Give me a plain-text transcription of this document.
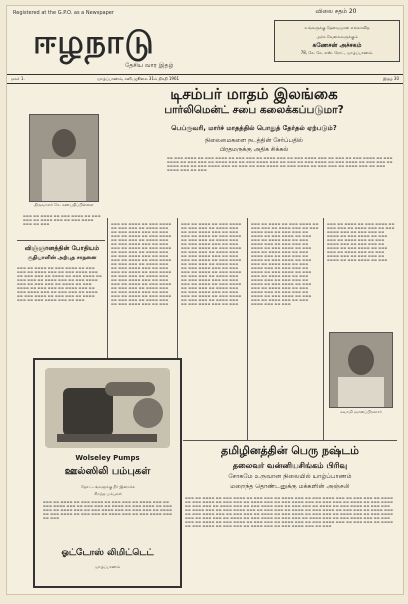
Registered at the G.P.O. as a Newspaper
ஈழநாடு
தேசிய வார இதழ்
விலை சதம் 20
உங்களுக்கு தேவையான எல்லாவித
அச்சு வேலைகளுக்கும்
கணேசன் அச்சகம்
78, கே. கே. எஸ். ரோட், யாழ்ப்பாணம்.
மலர் 1.	யாழ்ப்பாணம், சனி, ஜூலை 31ம் திகதி 1961	இதழ் 30
திருவாளர் கே. கணபதிப்பிள்ளை
▬▬▬ ▬▬ ▬▬▬▬ ▬▬ ▬▬▬ ▬▬▬▬ ▬▬ ▬▬▬ ▬▬▬ ▬▬ ▬▬▬▬ ▬▬▬ ▬▬ ▬▬▬ ▬▬▬▬ ▬▬▬ ▬▬ ▬▬▬
டிசம்பர் மாதம் இலங்கை
பார்லிமென்ட் சபை கலைக்கப்படுமா?
பெப்ருவரி, மார்ச் மாதத்தில் பொதுத் தேர்தல் ஏற்படும்?
நிலைமைகளை நடத்தின் சேர்ப்பதில்
பிரதமருக்கு அதிக சிக்கல்
▬▬ ▬▬▬ ▬▬▬▬ ▬▬ ▬▬▬ ▬▬▬▬ ▬▬ ▬▬▬ ▬▬▬ ▬▬ ▬▬▬▬ ▬▬▬ ▬▬ ▬▬▬ ▬▬▬▬ ▬▬▬ ▬▬ ▬▬▬ ▬▬ ▬▬▬ ▬▬▬▬ ▬▬ ▬▬▬ ▬▬▬▬ ▬▬ ▬▬▬ ▬▬▬ ▬▬ ▬▬▬▬ ▬▬▬ ▬▬ ▬▬▬ ▬▬▬▬ ▬▬▬ ▬▬ ▬▬▬ ▬▬ ▬▬▬ ▬▬▬▬ ▬▬ ▬▬▬ ▬▬▬▬ ▬▬ ▬▬▬ ▬▬▬ ▬▬ ▬▬▬▬ ▬▬▬ ▬▬ ▬▬▬ ▬▬▬▬ ▬▬▬ ▬▬ ▬▬▬ ▬▬ ▬▬▬ ▬▬▬▬ ▬▬ ▬▬▬ ▬▬▬▬ ▬▬ ▬▬▬ ▬▬▬ ▬▬ ▬▬▬▬ ▬▬▬ ▬▬ ▬▬▬ ▬▬▬▬ ▬▬▬ ▬▬ ▬▬▬
விஞ்ஞானத்தின் போதியம்
சூதியாளின் அற்புத சாதனை
▬▬▬ ▬▬ ▬▬▬▬ ▬▬ ▬▬▬ ▬▬▬▬ ▬▬ ▬▬▬ ▬▬▬ ▬▬ ▬▬▬▬ ▬▬▬ ▬▬ ▬▬▬ ▬▬▬▬ ▬▬▬ ▬▬ ▬▬▬ ▬▬▬ ▬▬ ▬▬▬▬ ▬▬ ▬▬▬ ▬▬▬▬ ▬▬ ▬▬▬ ▬▬▬ ▬▬ ▬▬▬▬ ▬▬▬ ▬▬ ▬▬▬ ▬▬▬▬ ▬▬▬ ▬▬ ▬▬▬ ▬▬▬ ▬▬ ▬▬▬▬ ▬▬ ▬▬▬ ▬▬▬▬ ▬▬ ▬▬▬ ▬▬▬ ▬▬ ▬▬▬▬ ▬▬▬ ▬▬ ▬▬▬ ▬▬▬▬ ▬▬▬ ▬▬ ▬▬▬ ▬▬▬ ▬▬ ▬▬▬▬ ▬▬ ▬▬▬ ▬▬▬▬ ▬▬ ▬▬▬ ▬▬▬ ▬▬ ▬▬▬▬ ▬▬▬ ▬▬ ▬▬▬ ▬▬▬▬ ▬▬▬ ▬▬ ▬▬▬
▬▬▬ ▬▬ ▬▬▬▬ ▬▬ ▬▬▬ ▬▬▬▬ ▬▬ ▬▬▬ ▬▬▬ ▬▬ ▬▬▬▬ ▬▬▬ ▬▬ ▬▬▬ ▬▬▬▬ ▬▬▬ ▬▬ ▬▬▬ ▬▬▬ ▬▬ ▬▬▬▬ ▬▬ ▬▬▬ ▬▬▬▬ ▬▬ ▬▬▬ ▬▬▬ ▬▬ ▬▬▬▬ ▬▬▬ ▬▬ ▬▬▬ ▬▬▬▬ ▬▬▬ ▬▬ ▬▬▬ ▬▬▬ ▬▬ ▬▬▬▬ ▬▬ ▬▬▬ ▬▬▬▬ ▬▬ ▬▬▬ ▬▬▬ ▬▬ ▬▬▬▬ ▬▬▬ ▬▬ ▬▬▬ ▬▬▬▬ ▬▬▬ ▬▬ ▬▬▬ ▬▬▬ ▬▬ ▬▬▬▬ ▬▬ ▬▬▬ ▬▬▬▬ ▬▬ ▬▬▬ ▬▬▬ ▬▬ ▬▬▬▬ ▬▬▬ ▬▬ ▬▬▬ ▬▬▬▬ ▬▬▬ ▬▬ ▬▬▬ ▬▬▬ ▬▬ ▬▬▬▬ ▬▬ ▬▬▬ ▬▬▬▬ ▬▬ ▬▬▬ ▬▬▬ ▬▬ ▬▬▬▬ ▬▬▬ ▬▬ ▬▬▬ ▬▬▬▬ ▬▬▬ ▬▬ ▬▬▬ ▬▬▬ ▬▬ ▬▬▬▬ ▬▬ ▬▬▬ ▬▬▬▬ ▬▬ ▬▬▬ ▬▬▬ ▬▬ ▬▬▬▬ ▬▬▬ ▬▬ ▬▬▬ ▬▬▬▬ ▬▬▬ ▬▬ ▬▬▬ ▬▬▬ ▬▬ ▬▬▬▬ ▬▬ ▬▬▬ ▬▬▬▬ ▬▬ ▬▬▬ ▬▬▬ ▬▬ ▬▬▬▬ ▬▬▬ ▬▬ ▬▬▬ ▬▬▬▬ ▬▬▬ ▬▬ ▬▬▬
▬▬▬ ▬▬ ▬▬▬▬ ▬▬ ▬▬▬ ▬▬▬▬ ▬▬ ▬▬▬ ▬▬▬ ▬▬ ▬▬▬▬ ▬▬▬ ▬▬ ▬▬▬ ▬▬▬▬ ▬▬▬ ▬▬ ▬▬▬ ▬▬▬ ▬▬ ▬▬▬▬ ▬▬ ▬▬▬ ▬▬▬▬ ▬▬ ▬▬▬ ▬▬▬ ▬▬ ▬▬▬▬ ▬▬▬ ▬▬ ▬▬▬ ▬▬▬▬ ▬▬▬ ▬▬ ▬▬▬ ▬▬▬ ▬▬ ▬▬▬▬ ▬▬ ▬▬▬ ▬▬▬▬ ▬▬ ▬▬▬ ▬▬▬ ▬▬ ▬▬▬▬ ▬▬▬ ▬▬ ▬▬▬ ▬▬▬▬ ▬▬▬ ▬▬ ▬▬▬ ▬▬▬ ▬▬ ▬▬▬▬ ▬▬ ▬▬▬ ▬▬▬▬ ▬▬ ▬▬▬ ▬▬▬ ▬▬ ▬▬▬▬ ▬▬▬ ▬▬ ▬▬▬ ▬▬▬▬ ▬▬▬ ▬▬ ▬▬▬ ▬▬▬ ▬▬ ▬▬▬▬ ▬▬ ▬▬▬ ▬▬▬▬ ▬▬ ▬▬▬ ▬▬▬ ▬▬ ▬▬▬▬ ▬▬▬ ▬▬ ▬▬▬ ▬▬▬▬ ▬▬▬ ▬▬ ▬▬▬ ▬▬▬ ▬▬ ▬▬▬▬ ▬▬ ▬▬▬ ▬▬▬▬ ▬▬ ▬▬▬ ▬▬▬ ▬▬ ▬▬▬▬ ▬▬▬ ▬▬ ▬▬▬ ▬▬▬▬ ▬▬▬ ▬▬ ▬▬▬ ▬▬▬ ▬▬ ▬▬▬▬ ▬▬ ▬▬▬ ▬▬▬▬ ▬▬ ▬▬▬ ▬▬▬ ▬▬ ▬▬▬▬ ▬▬▬ ▬▬ ▬▬▬ ▬▬▬▬ ▬▬▬ ▬▬ ▬▬▬
▬▬▬ ▬▬ ▬▬▬▬ ▬▬ ▬▬▬ ▬▬▬▬ ▬▬ ▬▬▬ ▬▬▬ ▬▬ ▬▬▬▬ ▬▬▬ ▬▬ ▬▬▬ ▬▬▬▬ ▬▬▬ ▬▬ ▬▬▬ ▬▬▬ ▬▬ ▬▬▬▬ ▬▬ ▬▬▬ ▬▬▬▬ ▬▬ ▬▬▬ ▬▬▬ ▬▬ ▬▬▬▬ ▬▬▬ ▬▬ ▬▬▬ ▬▬▬▬ ▬▬▬ ▬▬ ▬▬▬ ▬▬▬ ▬▬ ▬▬▬▬ ▬▬ ▬▬▬ ▬▬▬▬ ▬▬ ▬▬▬ ▬▬▬ ▬▬ ▬▬▬▬ ▬▬▬ ▬▬ ▬▬▬ ▬▬▬▬ ▬▬▬ ▬▬ ▬▬▬ ▬▬▬ ▬▬ ▬▬▬▬ ▬▬ ▬▬▬ ▬▬▬▬ ▬▬ ▬▬▬ ▬▬▬ ▬▬ ▬▬▬▬ ▬▬▬ ▬▬ ▬▬▬ ▬▬▬▬ ▬▬▬ ▬▬ ▬▬▬ ▬▬▬ ▬▬ ▬▬▬▬ ▬▬ ▬▬▬ ▬▬▬▬ ▬▬ ▬▬▬ ▬▬▬ ▬▬ ▬▬▬▬ ▬▬▬ ▬▬ ▬▬▬ ▬▬▬▬ ▬▬▬ ▬▬ ▬▬▬ ▬▬▬ ▬▬ ▬▬▬▬ ▬▬ ▬▬▬ ▬▬▬▬ ▬▬ ▬▬▬ ▬▬▬ ▬▬ ▬▬▬▬ ▬▬▬ ▬▬ ▬▬▬ ▬▬▬▬ ▬▬▬ ▬▬ ▬▬▬ ▬▬▬ ▬▬ ▬▬▬▬ ▬▬ ▬▬▬ ▬▬▬▬ ▬▬ ▬▬▬ ▬▬▬ ▬▬ ▬▬▬▬ ▬▬▬ ▬▬ ▬▬▬ ▬▬▬▬ ▬▬▬ ▬▬ ▬▬▬
▬▬▬ ▬▬ ▬▬▬▬ ▬▬ ▬▬▬ ▬▬▬▬ ▬▬ ▬▬▬ ▬▬▬ ▬▬ ▬▬▬▬ ▬▬▬ ▬▬ ▬▬▬ ▬▬▬▬ ▬▬▬ ▬▬ ▬▬▬ ▬▬▬ ▬▬ ▬▬▬▬ ▬▬ ▬▬▬ ▬▬▬▬ ▬▬ ▬▬▬ ▬▬▬ ▬▬ ▬▬▬▬ ▬▬▬ ▬▬ ▬▬▬ ▬▬▬▬ ▬▬▬ ▬▬ ▬▬▬ ▬▬▬ ▬▬ ▬▬▬▬ ▬▬ ▬▬▬ ▬▬▬▬ ▬▬ ▬▬▬ ▬▬▬ ▬▬ ▬▬▬▬ ▬▬▬ ▬▬ ▬▬▬ ▬▬▬▬ ▬▬▬ ▬▬ ▬▬▬ ▬▬▬ ▬▬ ▬▬▬▬ ▬▬ ▬▬▬ ▬▬▬▬ ▬▬ ▬▬▬
சுவாமி ஞானப்பிரகாசர்
தமிழினத்தின் பெரு நஷ்டம்
தலைவர் வன்னியசிங்கம் பிரிவு
சோகமே உருவான நிலையில் யாழ்ப்பாணம்
மறைந்த தொண்டனுக்கு மக்களின் அஞ்சலி
▬▬▬ ▬▬ ▬▬▬▬ ▬▬ ▬▬▬ ▬▬▬▬ ▬▬ ▬▬▬ ▬▬▬ ▬▬ ▬▬▬▬ ▬▬▬ ▬▬ ▬▬▬ ▬▬▬▬ ▬▬▬ ▬▬ ▬▬▬ ▬▬▬ ▬▬ ▬▬▬▬ ▬▬ ▬▬▬ ▬▬▬▬ ▬▬ ▬▬▬ ▬▬▬ ▬▬ ▬▬▬▬ ▬▬▬ ▬▬ ▬▬▬ ▬▬▬▬ ▬▬▬ ▬▬ ▬▬▬ ▬▬▬ ▬▬ ▬▬▬▬ ▬▬ ▬▬▬ ▬▬▬▬ ▬▬ ▬▬▬ ▬▬▬ ▬▬ ▬▬▬▬ ▬▬▬ ▬▬ ▬▬▬ ▬▬▬▬ ▬▬▬ ▬▬ ▬▬▬ ▬▬▬ ▬▬ ▬▬▬▬ ▬▬ ▬▬▬ ▬▬▬▬ ▬▬ ▬▬▬ ▬▬▬ ▬▬ ▬▬▬▬ ▬▬▬ ▬▬ ▬▬▬ ▬▬▬▬ ▬▬▬ ▬▬ ▬▬▬ ▬▬▬ ▬▬ ▬▬▬▬ ▬▬ ▬▬▬ ▬▬▬▬ ▬▬ ▬▬▬ ▬▬▬ ▬▬ ▬▬▬▬ ▬▬▬ ▬▬ ▬▬▬ ▬▬▬▬ ▬▬▬ ▬▬ ▬▬▬ ▬▬▬ ▬▬ ▬▬▬▬ ▬▬ ▬▬▬ ▬▬▬▬ ▬▬ ▬▬▬ ▬▬▬ ▬▬ ▬▬▬▬ ▬▬▬ ▬▬ ▬▬▬ ▬▬▬▬ ▬▬▬ ▬▬ ▬▬▬ ▬▬▬ ▬▬ ▬▬▬▬ ▬▬ ▬▬▬ ▬▬▬▬ ▬▬ ▬▬▬ ▬▬▬ ▬▬ ▬▬▬▬ ▬▬▬ ▬▬ ▬▬▬ ▬▬▬▬ ▬▬▬ ▬▬ ▬▬▬ ▬▬▬ ▬▬ ▬▬▬▬ ▬▬ ▬▬▬ ▬▬▬▬ ▬▬ ▬▬▬ ▬▬▬ ▬▬ ▬▬▬▬ ▬▬▬ ▬▬ ▬▬▬ ▬▬▬▬ ▬▬▬ ▬▬ ▬▬▬ ▬▬▬ ▬▬ ▬▬▬▬ ▬▬ ▬▬▬ ▬▬▬▬ ▬▬ ▬▬▬ ▬▬▬ ▬▬ ▬▬▬▬ ▬▬▬ ▬▬ ▬▬▬ ▬▬▬▬ ▬▬▬ ▬▬ ▬▬▬
Wolseley Pumps
ஊல்ஸிலி பம்புகள்
தோட்டங்களுக்கு நீர் இறைக்க
சிறந்த பம்புகள்
▬▬▬ ▬▬ ▬▬▬▬ ▬▬ ▬▬▬ ▬▬▬▬ ▬▬ ▬▬▬ ▬▬▬ ▬▬ ▬▬▬▬ ▬▬▬ ▬▬ ▬▬▬ ▬▬▬▬ ▬▬▬ ▬▬ ▬▬▬ ▬▬▬ ▬▬ ▬▬▬▬ ▬▬ ▬▬▬ ▬▬▬▬ ▬▬ ▬▬▬ ▬▬▬ ▬▬ ▬▬▬▬ ▬▬▬ ▬▬ ▬▬▬ ▬▬▬▬ ▬▬▬ ▬▬ ▬▬▬ ▬▬▬ ▬▬ ▬▬▬▬ ▬▬ ▬▬▬ ▬▬▬▬ ▬▬ ▬▬▬ ▬▬▬ ▬▬ ▬▬▬▬ ▬▬▬ ▬▬ ▬▬▬ ▬▬▬▬ ▬▬▬ ▬▬ ▬▬▬
ஓட்டோஸ் லிமிட்டெட்
யாழ்ப்பாணம்
